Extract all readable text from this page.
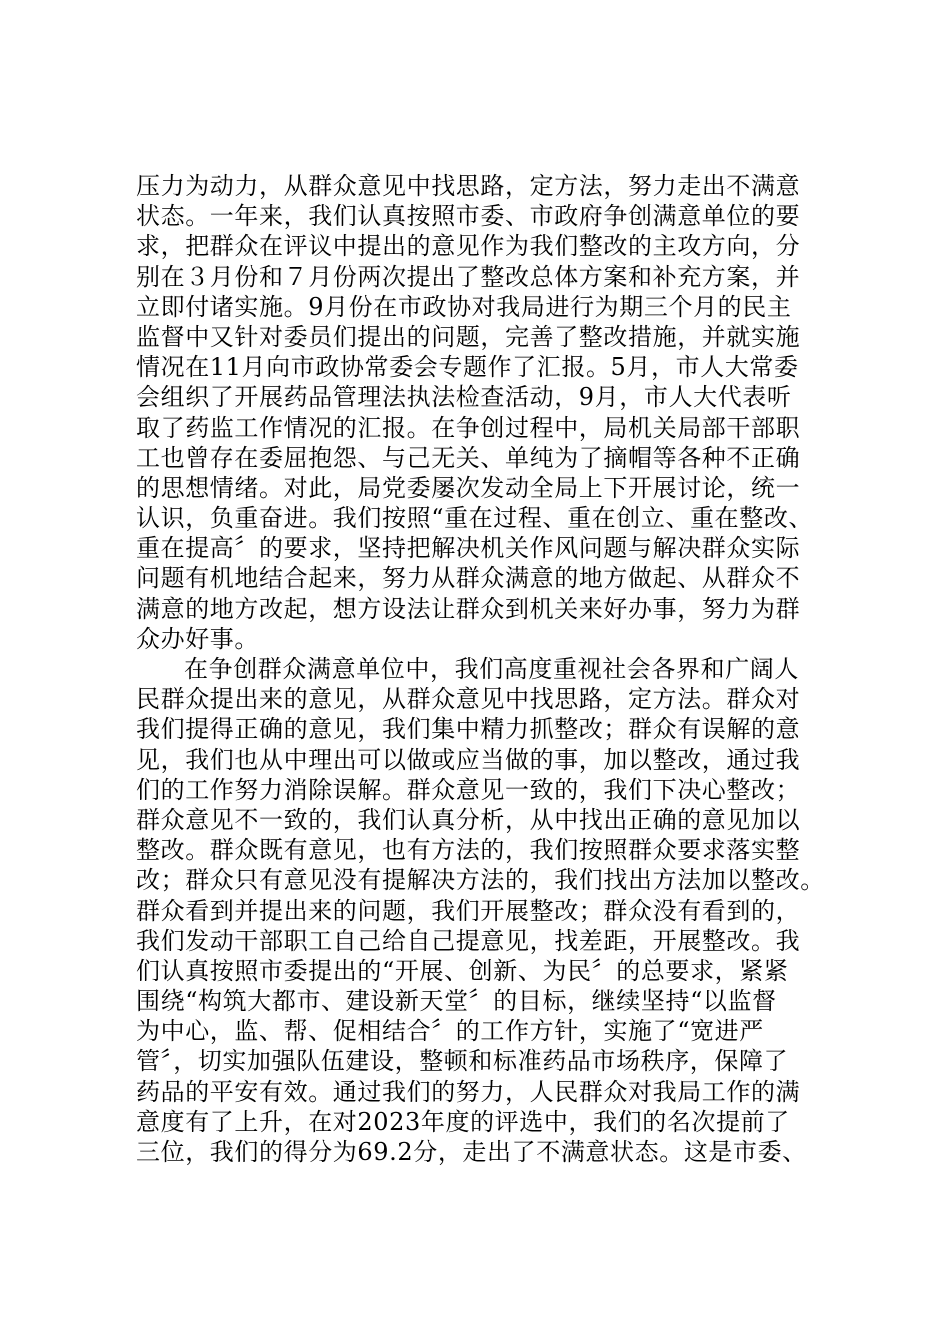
压力为动力，从群众意见中找思路，定方法，努力走出不满意
状态。一年来，我们认真按照市委、市政府争创满意单位的要
求，把群众在评议中提出的意见作为我们整改的主攻方向，分
别在３月份和７月份两次提出了整改总体方案和补充方案，并
立即付诸实施。9月份在市政协对我局进行为期三个月的民主
监督中又针对委员们提出的问题，完善了整改措施，并就实施
情况在11月向市政协常委会专题作了汇报。5月，市人大常委
会组织了开展药品管理法执法检查活动，9月，市人大代表听
取了药监工作情况的汇报。在争创过程中，局机关局部干部职
工也曾存在委屈抱怨、与己无关、单纯为了摘帽等各种不正确
的思想情绪。对此，局党委屡次发动全局上下开展讨论，统一
认识，负重奋进。我们按照“重在过程、重在创立、重在整改、
重在提高〞的要求，坚持把解决机关作风问题与解决群众实际
问题有机地结合起来，努力从群众满意的地方做起、从群众不
满意的地方改起，想方设法让群众到机关来好办事，努力为群
众办好事。
在争创群众满意单位中，我们高度重视社会各界和广阔人
民群众提出来的意见，从群众意见中找思路，定方法。群众对
我们提得正确的意见，我们集中精力抓整改；群众有误解的意
见，我们也从中理出可以做或应当做的事，加以整改，通过我
们的工作努力消除误解。群众意见一致的，我们下决心整改；
群众意见不一致的，我们认真分析，从中找出正确的意见加以
整改。群众既有意见，也有方法的，我们按照群众要求落实整
改；群众只有意见没有提解决方法的，我们找出方法加以整改。
群众看到并提出来的问题，我们开展整改；群众没有看到的，
我们发动干部职工自己给自己提意见，找差距，开展整改。我
们认真按照市委提出的“开展、创新、为民〞的总要求，紧紧
围绕“构筑大都市、建设新天堂〞的目标，继续坚持“以监督
为中心，监、帮、促相结合〞的工作方针，实施了“宽进严
管〞，切实加强队伍建设，整顿和标准药品市场秩序，保障了
药品的平安有效。通过我们的努力，人民群众对我局工作的满
意度有了上升，在对2023年度的评选中，我们的名次提前了
三位，我们的得分为69.2分，走出了不满意状态。这是市委、
